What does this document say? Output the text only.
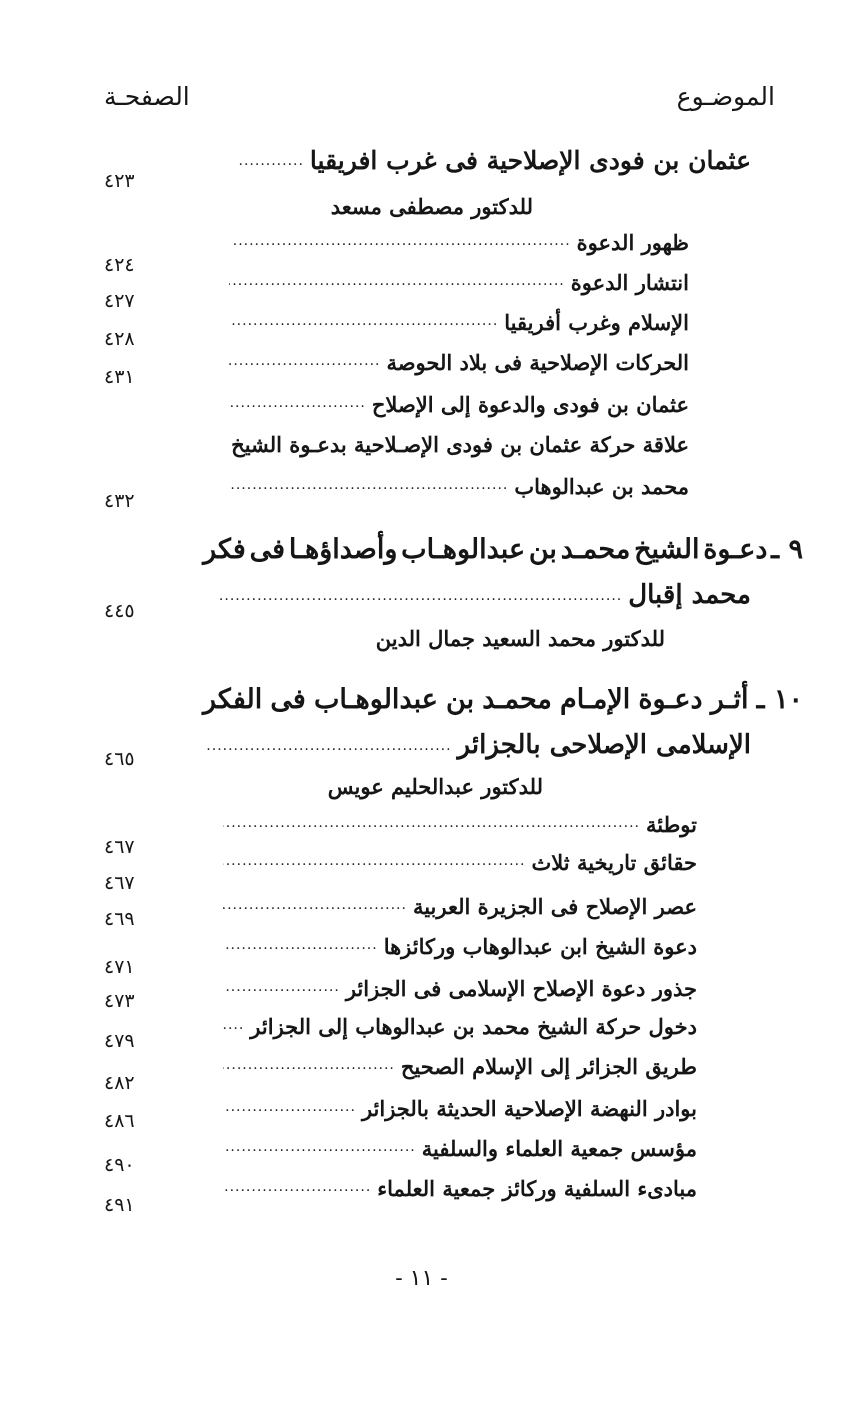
الموضـوع
الصفحـة
عثمان بن فودى الإصلاحية فى غرب افريقيا
.....
٤٢٣
للدكتور مصطفى مسعد
ظهور الدعوة
.....
٤٢٤
انتشار الدعوة
.....
٤٢٧
الإسلام وغرب أفريقيا
.....
٤٢٨
الحركات الإصلاحية فى بلاد الحوصة
.....
٤٣١
عثمان بن فودى والدعوة إلى الإصلاح
.....
علاقة حركة عثمان بن فودى الإصـلاحية بدعـوة الشيخ
محمد بن عبدالوهاب
.....
٤٣٢
٩ ـ
دعـوة
الشيخ
محمـد
بن
عبدالوهـاب
وأصداؤهـا
فى
فكر
محمد إقبال
.....
٤٤٥
للدكتور محمد السعيد جمال الدين
١٠ ـ
أثـر
دعـوة
الإمـام
محمـد
بن
عبدالوهـاب
فى
الفكر
الإسلامى الإصلاحى بالجزائر
.....
٤٦٥
للدكتور عبدالحليم عويس
توطئة
.....
٤٦٧
حقائق تاريخية ثلاث
.....
٤٦٧
عصر الإصلاح فى الجزيرة العربية
.....
٤٦٩
دعوة الشيخ ابن عبدالوهاب وركائزها
.....
٤٧١
جذور دعوة الإصلاح الإسلامى فى الجزائر
.....
٤٧٣
دخول حركة الشيخ محمد بن عبدالوهاب إلى الجزائر
.....
٤٧٩
طريق الجزائر إلى الإسلام الصحيح
.....
٤٨٢
بوادر النهضة الإصلاحية الحديثة بالجزائر
.....
٤٨٦
مؤسس جمعية العلماء والسلفية
.....
٤٩٠
مبادىء السلفية وركائز جمعية العلماء
.....
٤٩١
- ١١ -
